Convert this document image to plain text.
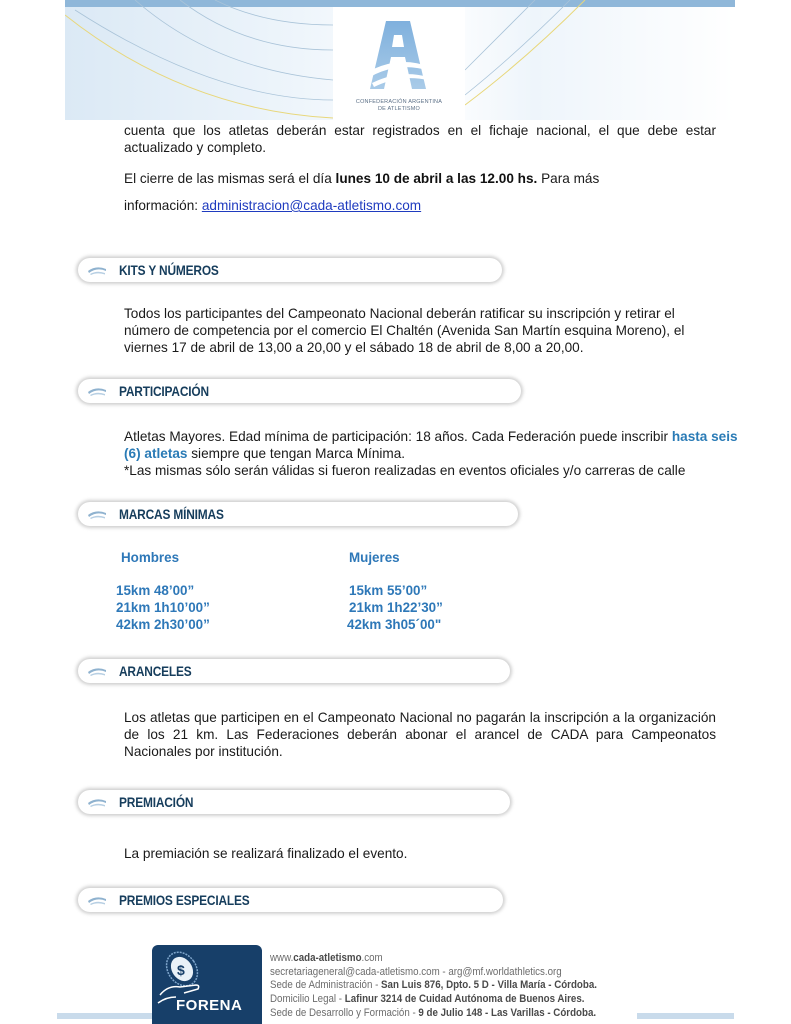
CONFEDERACIÓN ARGENTINA
DE ATLETISMO
cuenta que los atletas deberán estar registrados en el fichaje nacional, el que debe estar actualizado y completo.
El cierre de las mismas será el día lunes 10 de abril a las 12.00 hs. Para más
información: administracion@cada-atletismo.com
KITS Y NÚMEROS
Todos los participantes del Campeonato Nacional deberán ratificar su inscripción y retirar el número de competencia por el comercio El Chaltén (Avenida San Martín esquina Moreno), el viernes 17 de abril de 13,00 a 20,00 y el sábado 18 de abril de 8,00 a 20,00.
PARTICIPACIÓN
Atletas Mayores. Edad mínima de participación: 18 años. Cada Federación puede inscribir hasta seis (6) atletas siempre que tengan Marca Mínima.
*Las mismas sólo serán válidas si fueron realizadas en eventos oficiales y/o carreras de calle
MARCAS MÍNIMAS
Hombres
15km 48’00”
21km 1h10’00”
42km 2h30’00”
Mujeres
15km 55’00”
21km 1h22’30”
42km 3h05´00"
ARANCELES
Los atletas que participen en el Campeonato Nacional no pagarán la inscripción a la organización de los 21 km. Las Federaciones deberán abonar el arancel de CADA para Campeonatos Nacionales por institución.
PREMIACIÓN
La premiación se realizará finalizado el evento.
PREMIOS ESPECIALES
$
FORENA
www.cada-atletismo.com
secretariageneral@cada-atletismo.com - arg@mf.worldathletics.org
Sede de Administración - San Luis 876, Dpto. 5 D - Villa María - Córdoba.
Domicilio Legal - Lafinur 3214 de Cuidad Autónoma de Buenos Aires.
Sede de Desarrollo y Formación - 9 de Julio 148 - Las Varillas - Córdoba.
